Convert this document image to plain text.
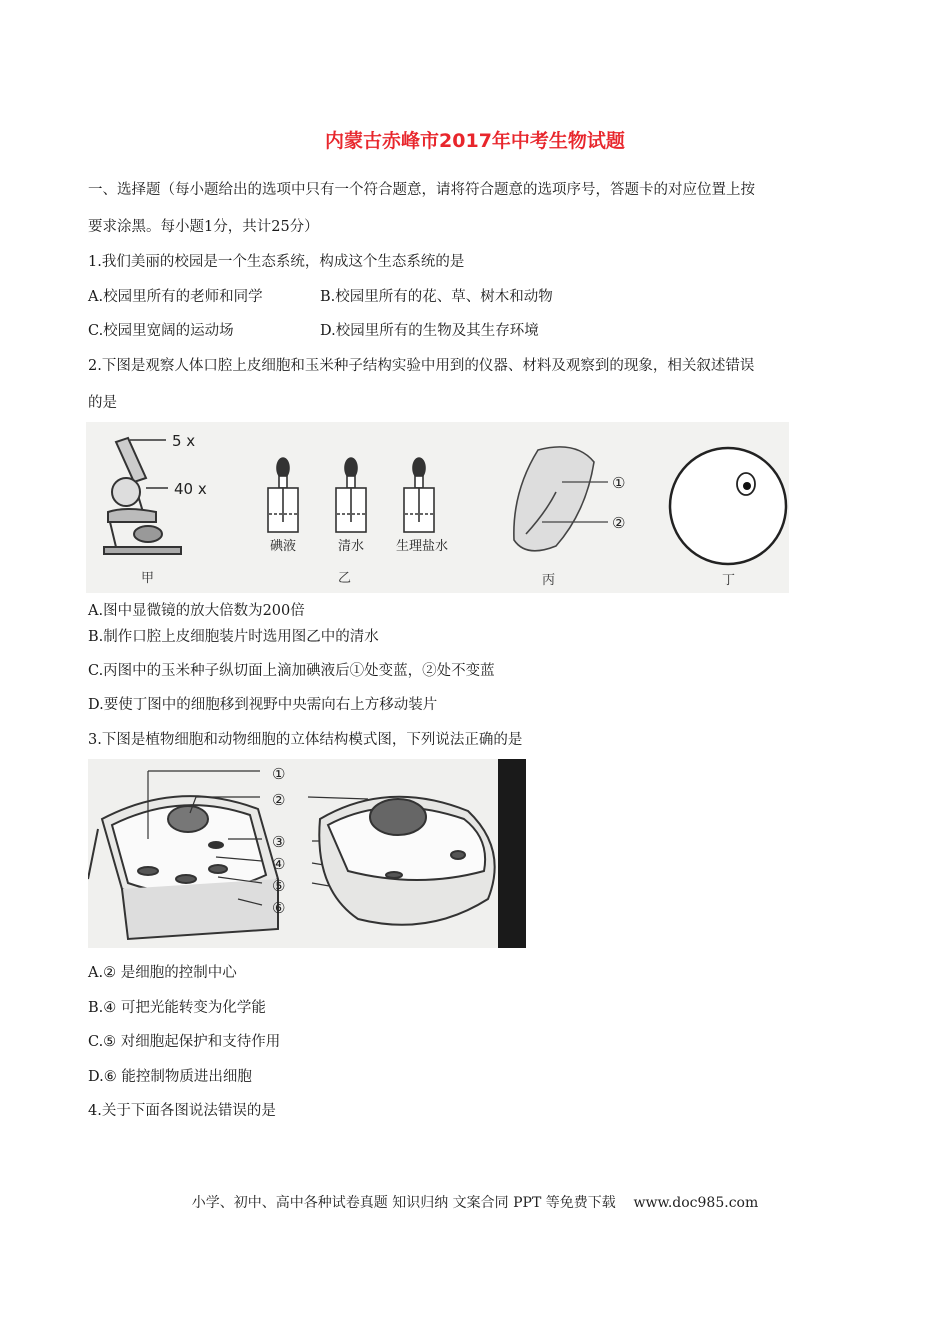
内蒙古赤峰市2017年中考生物试题
一、选择题（每小题给出的选项中只有一个符合题意，请将符合题意的选项序号，答题卡的对应位置上按
要求涂黑。每小题1分，共计25分）
1.我们美丽的校园是一个生态系统，构成这个生态系统的是
A.校园里所有的老师和同学	B.校园里所有的花、草、树木和动物
C.校园里宽阔的运动场	D.校园里所有的生物及其生存环境
2.下图是观察人体口腔上皮细胞和玉米种子结构实验中用到的仪器、材料及观察到的现象，相关叙述错误
的是
5 x
40 x
甲
碘液	清水 生理盐水
乙
①
②
丙	丁
A.图中显微镜的放大倍数为200倍
B.制作口腔上皮细胞装片时选用图乙中的清水
C.丙图中的玉米种子纵切面上滴加碘液后①处变蓝，②处不变蓝
D.要使丁图中的细胞移到视野中央需向右上方移动装片
3.下图是植物细胞和动物细胞的立体结构模式图，下列说法正确的是
①
②
③
④
⑤
⑥
A.② 是细胞的控制中心
B.④ 可把光能转变为化学能
C.⑤ 对细胞起保护和支待作用
D.⑥ 能控制物质进出细胞
4.关于下面各图说法错误的是
小学、初中、高中各种试卷真题 知识归纳 文案合同 PPT 等免费下载 www.doc985.com
